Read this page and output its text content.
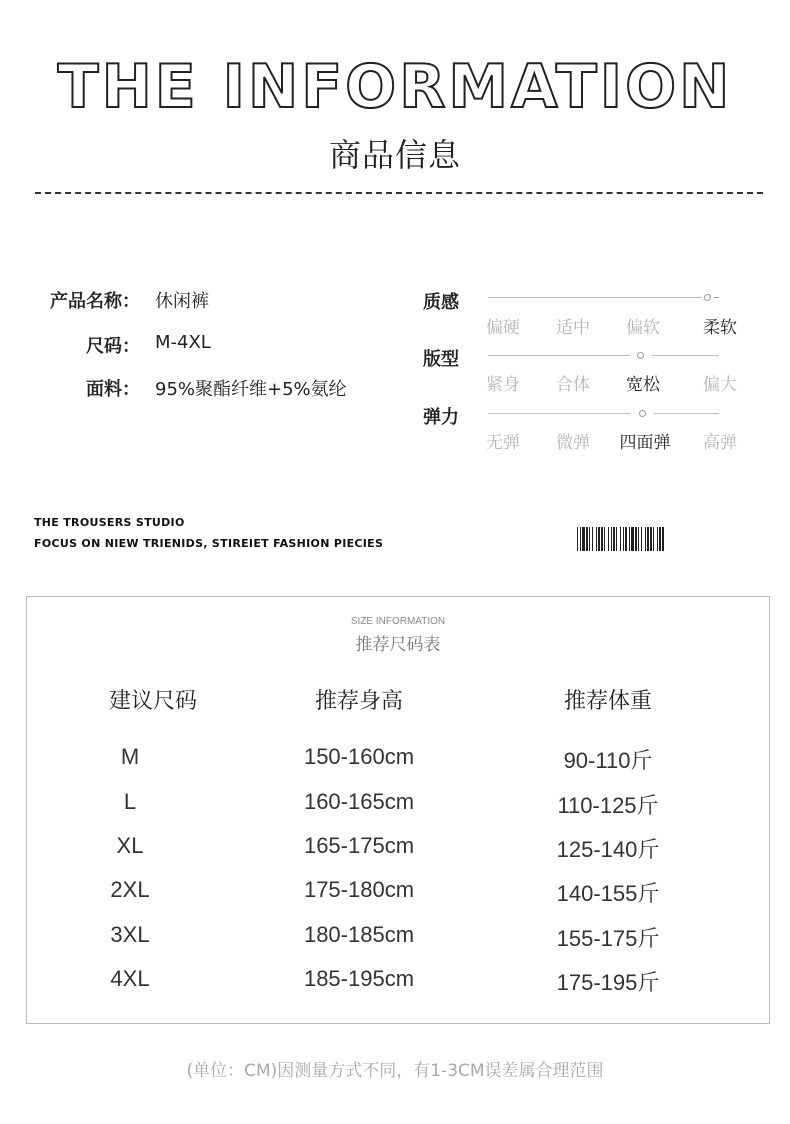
THE INFORMATION
商品信息
产品名称： 休闲裤
尺码： M-4XL
面料： 95%聚酯纤维+5%氨纶
质感
偏硬	适中	偏软	柔软
版型
紧身	合体	宽松	偏大
弹力
无弹	微弹	四面弹	高弹
THE TROUSERS STUDIO
FOCUS ON NIEW TRIENIDS, STIREIET FASHION PIECIES
SIZE INFORMATION
推荐尺码表
建议尺码	推荐身高	推荐体重
M	150-160cm	90-110斤
L	160-165cm	110-125斤
XL	165-175cm	125-140斤
2XL	175-180cm	140-155斤
3XL	180-185cm	155-175斤
4XL	185-195cm	175-195斤
(单位：CM)因测量方式不同，有1-3CM误差属合理范围
